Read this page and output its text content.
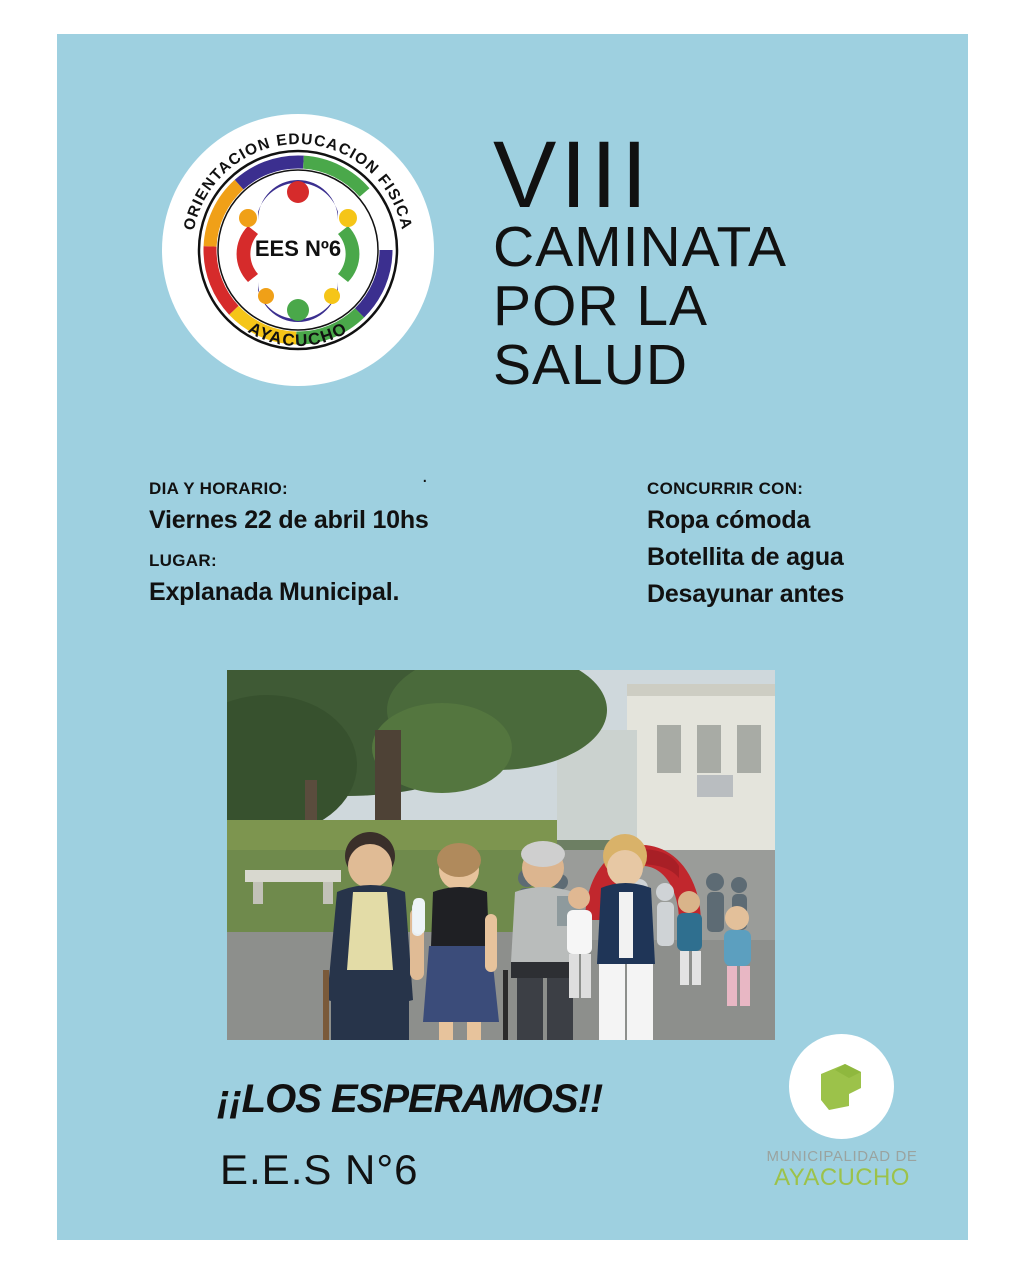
EES Nº6
ORIENTACION EDUCACION FISICA
AYACUCHO
VIII
CAMINATA
POR LA
SALUD
.
DIA Y HORARIO:
Viernes 22 de abril 10hs
LUGAR:
Explanada Municipal.
CONCURRIR CON:
Ropa cómoda
Botellita de agua
Desayunar antes
¡¡LOS ESPERAMOS!!
E.E.S N°6	MUNICIPALIDAD DE
AYACUCHO
